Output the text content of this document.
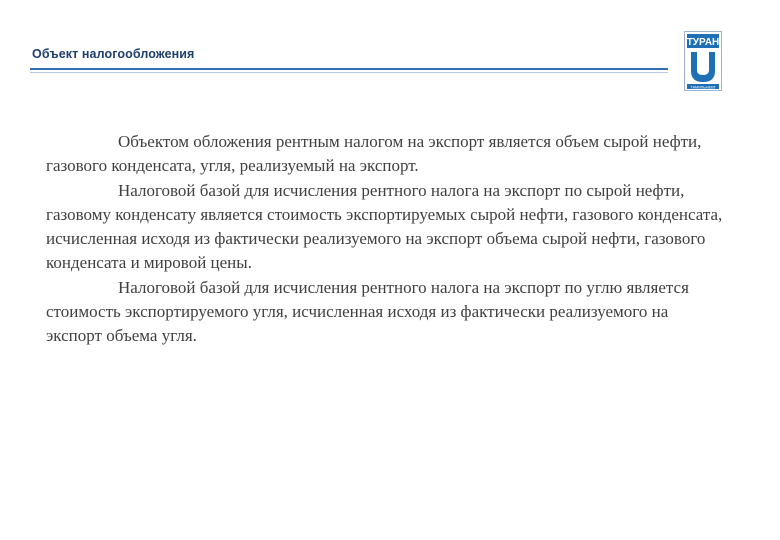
Объект налогообложения
ТУРАН
ТАМИЛЬНЕВТ

Объектом обложения рентным налогом на экспорт является объем сырой нефти, газового конденсата, угля, реализуемый на экспорт.

Налоговой базой для исчисления рентного налога на экспорт по сырой нефти, газовому конденсату является стоимость экспортируемых сырой нефти, газового конденсата, исчисленная исходя из фактически реализуемого на экспорт объема сырой нефти, газового конденсата и мировой цены.

Налоговой базой для исчисления рентного налога на экспорт по углю является стоимость экспортируемого угля, исчисленная исходя из фактически реализуемого на экспорт объема угля.
